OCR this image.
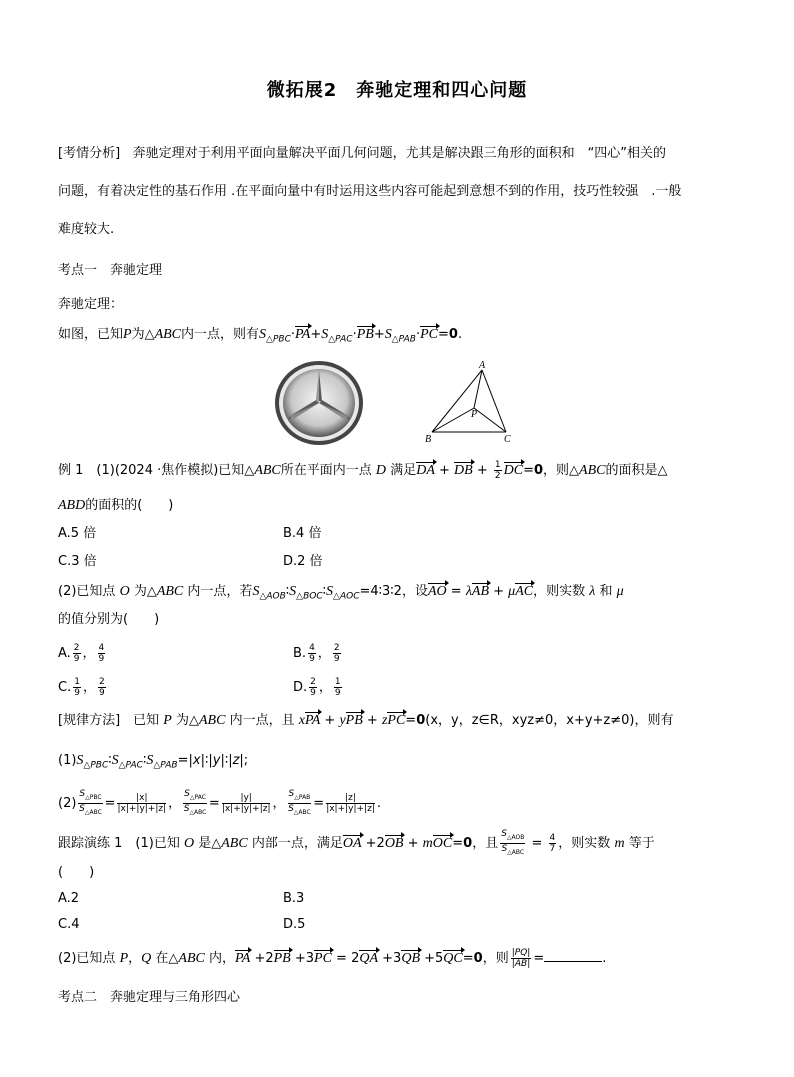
微拓展2　奔驰定理和四心问题
[考情分析] 奔驰定理对于利用平面向量解决平面几何问题，尤其是解决跟三角形的面积和　“四心”相关的
问题，有着决定性的基石作用 .在平面向量中有时运用这些内容可能起到意想不到的作用，技巧性较强　.一般
难度较大.
考点一　奔驰定理
奔驰定理：
如图，已知P为△ABC内一点，则有$S_{\triangle PBC}\cdot PA+S_{\triangle PAC}\cdot PB+S_{\triangle PAB}\cdot PC=0$.
A
B	C
P
例 1　(1)(2024 ·焦作模拟)已知△ABC所在平面内一点 D 满足DA + DB + $\frac{1}{2} DC=0$，则△ABC的面积是△
ABD的面积的(　　)
A.5 倍	B.4 倍
C.3 倍	D.2 倍
(2)已知点 O 为△ABC 内一点，若$S_{\triangle AOB}∶S_{\triangle BOC}∶S_{\triangle AOC}=4∶3∶2$，设AO = λAB + μAC，则实数 λ 和 μ
的值分别为(　　)
A. $\frac{2}{9}$ ， $\frac{4}{9}$	B. $\frac{4}{9}$ ， $\frac{2}{9}$
C. $\frac{1}{9}$ ， $\frac{2}{9}$	D. $\frac{2}{9}$ ， $\frac{1}{9}$
[规律方法]　已知 P 为△ABC 内一点，且 xPA + yPB + zPC=0(x，y，z∈R，xyz≠0，x+y+z≠0)，则有
$(1)S_{\triangle PBC}∶S_{\triangle PAC}∶S_{\triangle PAB}=|x|∶|y|∶|z|$;
$(2) \frac{S_{\triangle PBC}}{S_{\triangle ABC}} = \frac{|x|}{|x|+|y|+|z|}$ ， $\frac{S_{\triangle PAC}}{S_{\triangle ABC}} = \frac{|y|}{|x|+|y|+|z|}$ ， $\frac{S_{\triangle PAB}}{S_{\triangle ABC}} = \frac{|z|}{|x|+|y|+|z|}$ .
跟踪演练 1　(1)已知 O 是△ABC 内部一点，满足OA +2OB + mOC=0，且 $\frac{S_{\triangle AOB}}{S_{\triangle ABC}} = \frac{4}{7}$ ，则实数 m 等于
(　　)
A.2	B.3
C.4	D.5
(2)已知点 P，Q 在△ABC 内，PA +2PB +3PC = 2QA +3QB +5QC=0，则 $\frac{|PQ|}{|AB|}$ =	.
考点二　奔驰定理与三角形四心
